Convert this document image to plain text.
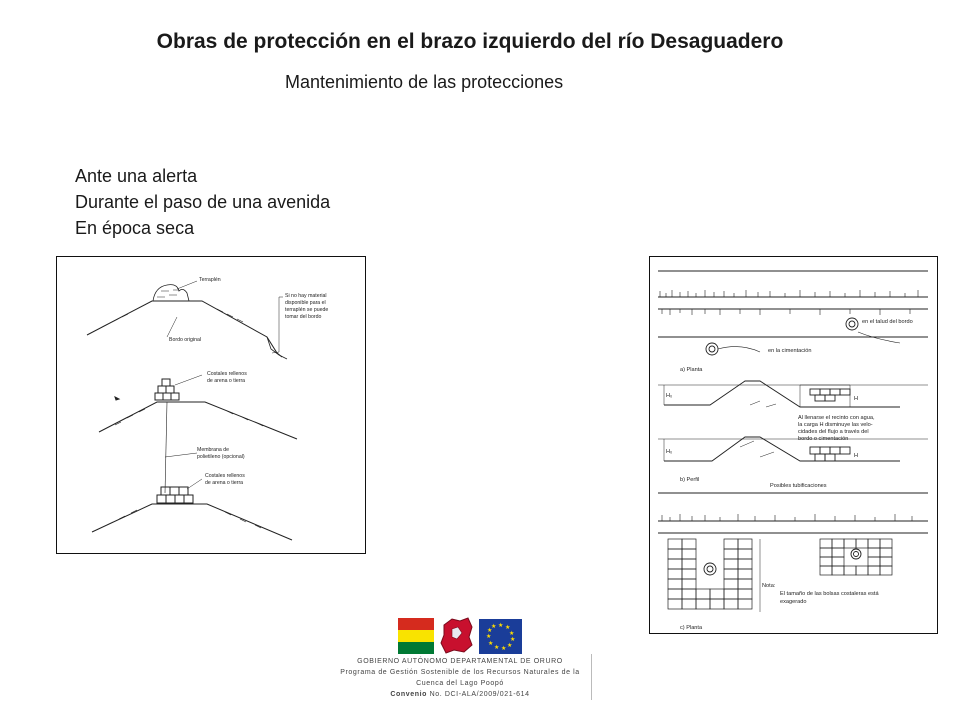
Obras de protección en el brazo izquierdo del río Desaguadero
Mantenimiento de las protecciones
Ante una alerta
Durante el paso de una avenida
En época seca
Terraplén
Si no hay material
disponible para el
terraplén se puede
tomar del bordo
Bordo original
Costales rellenos
de arena o tierra
Membrana de
polietileno (opcional)
Costales rellenos
de arena o tierra
en el talud del bordo
en la cimentación
a) Planta
H₀	H
Al llenarse el recinto con agua,
la carga H disminuye las velo-
cidades del flujo a través del
bordo o cimentación
H₀
H
b) Perfil
Posibles tubificaciones
Nota:
El tamaño de las bolsas costaleras está
exagerado
c) Planta
★ ★
★
★
★
★
★
★
★
★
★
GOBIERNO AUTÓNOMO DEPARTAMENTAL DE ORURO
Programa de Gestión Sostenible de los Recursos Naturales de la
Cuenca del Lago Poopó
Convenio No. DCI-ALA/2009/021-614
